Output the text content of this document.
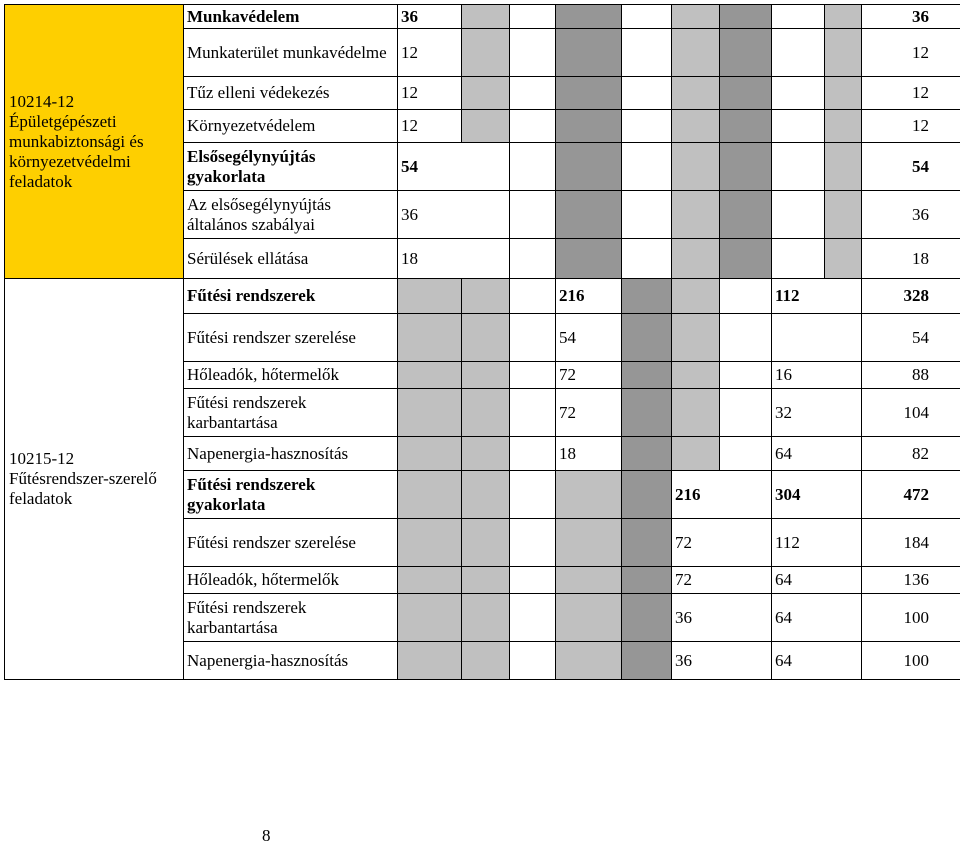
10214-12
Épületgépészeti munkabiztonsági és környezetvédelmi feladatok	Munkavédelem	36									36
	Munkaterület munkavédelme	12									12
	Tűz elleni védekezés	12									12
	Környezetvédelem	12									12
	Elsősegélynyújtás gyakorlata	54									54
	Az elsősegélynyújtás általános szabályai	36									36
	Sérülések ellátása	18									18

10215-12
Fűtésrendszer-szerelő feladatok	Fűtési rendszerek				216				112		328
	Fűtési rendszer szerelése				54						54
	Hőleadók, hőtermelők				72				16		88
	Fűtési rendszerek karbantartása				72				32		104
	Napenergia-hasznosítás				18				64		82
	Fűtési rendszerek gyakorlata						216		304		472
	Fűtési rendszer szerelése						72		112		184
	Hőleadók, hőtermelők						72		64		136
	Fűtési rendszerek karbantartása						36		64		100
	Napenergia-hasznosítás						36		64		100
8
